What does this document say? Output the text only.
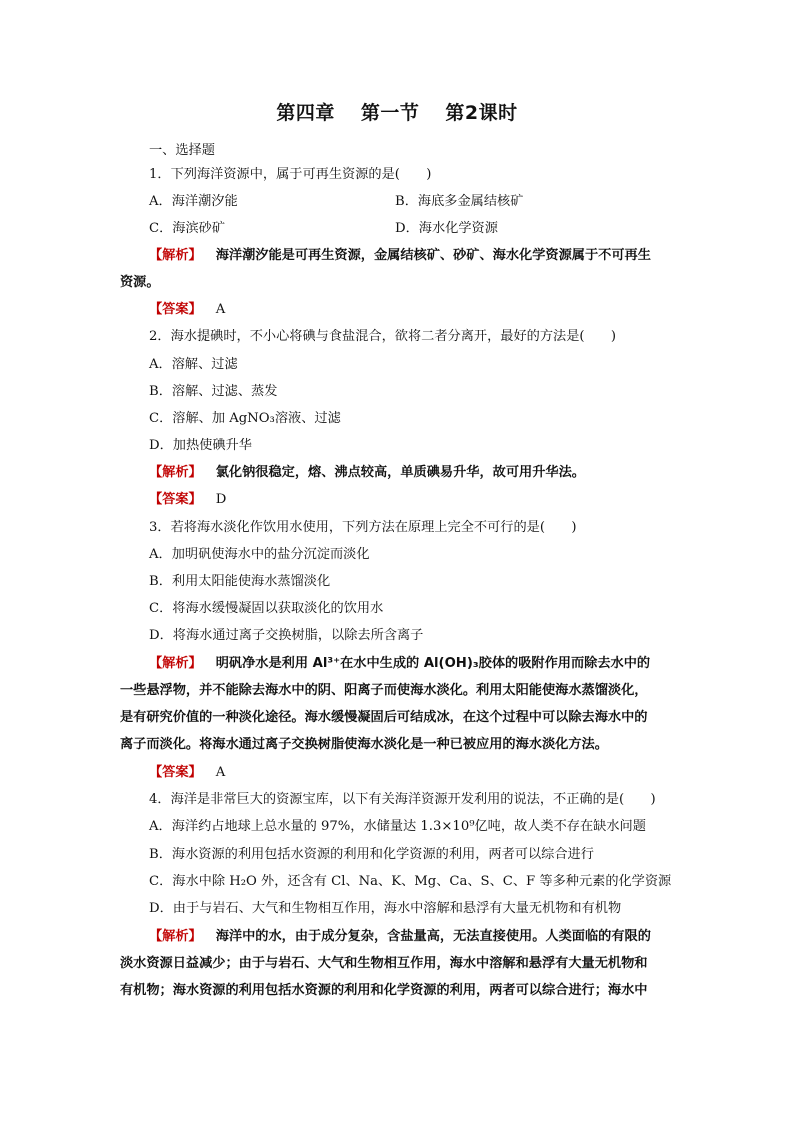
第四章 第一节 第2课时
一、选择题
1．下列海洋资源中，属于可再生资源的是(　　)
A．海洋潮汐能	B．海底多金属结核矿
C．海滨砂矿	D．海水化学资源
【解析】 海洋潮汐能是可再生资源，金属结核矿、砂矿、海水化学资源属于不可再生
资源。
【答案】 A
2．海水提碘时，不小心将碘与食盐混合，欲将二者分离开，最好的方法是(　　)
A．溶解、过滤
B．溶解、过滤、蒸发
C．溶解、加 AgNO₃溶液、过滤
D．加热使碘升华
【解析】 氯化钠很稳定，熔、沸点较高，单质碘易升华，故可用升华法。
【答案】 D
3．若将海水淡化作饮用水使用，下列方法在原理上完全不可行的是(　　)
A．加明矾使海水中的盐分沉淀而淡化
B．利用太阳能使海水蒸馏淡化
C．将海水缓慢凝固以获取淡化的饮用水
D．将海水通过离子交换树脂，以除去所含离子
【解析】 明矾净水是利用 Al³⁺在水中生成的 Al(OH)₃胶体的吸附作用而除去水中的
一些悬浮物，并不能除去海水中的阴、阳离子而使海水淡化。利用太阳能使海水蒸馏淡化，
是有研究价值的一种淡化途径。海水缓慢凝固后可结成冰，在这个过程中可以除去海水中的
离子而淡化。将海水通过离子交换树脂使海水淡化是一种已被应用的海水淡化方法。
【答案】 A
4．海洋是非常巨大的资源宝库，以下有关海洋资源开发利用的说法，不正确的是(　　)
A．海洋约占地球上总水量的 97%，水储量达 1.3×10⁹亿吨，故人类不存在缺水问题
B．海水资源的利用包括水资源的利用和化学资源的利用，两者可以综合进行
C．海水中除 H₂O 外，还含有 Cl、Na、K、Mg、Ca、S、C、F 等多种元素的化学资源
D．由于与岩石、大气和生物相互作用，海水中溶解和悬浮有大量无机物和有机物
【解析】 海洋中的水，由于成分复杂，含盐量高，无法直接使用。人类面临的有限的
淡水资源日益减少；由于与岩石、大气和生物相互作用，海水中溶解和悬浮有大量无机物和
有机物；海水资源的利用包括水资源的利用和化学资源的利用，两者可以综合进行；海水中
